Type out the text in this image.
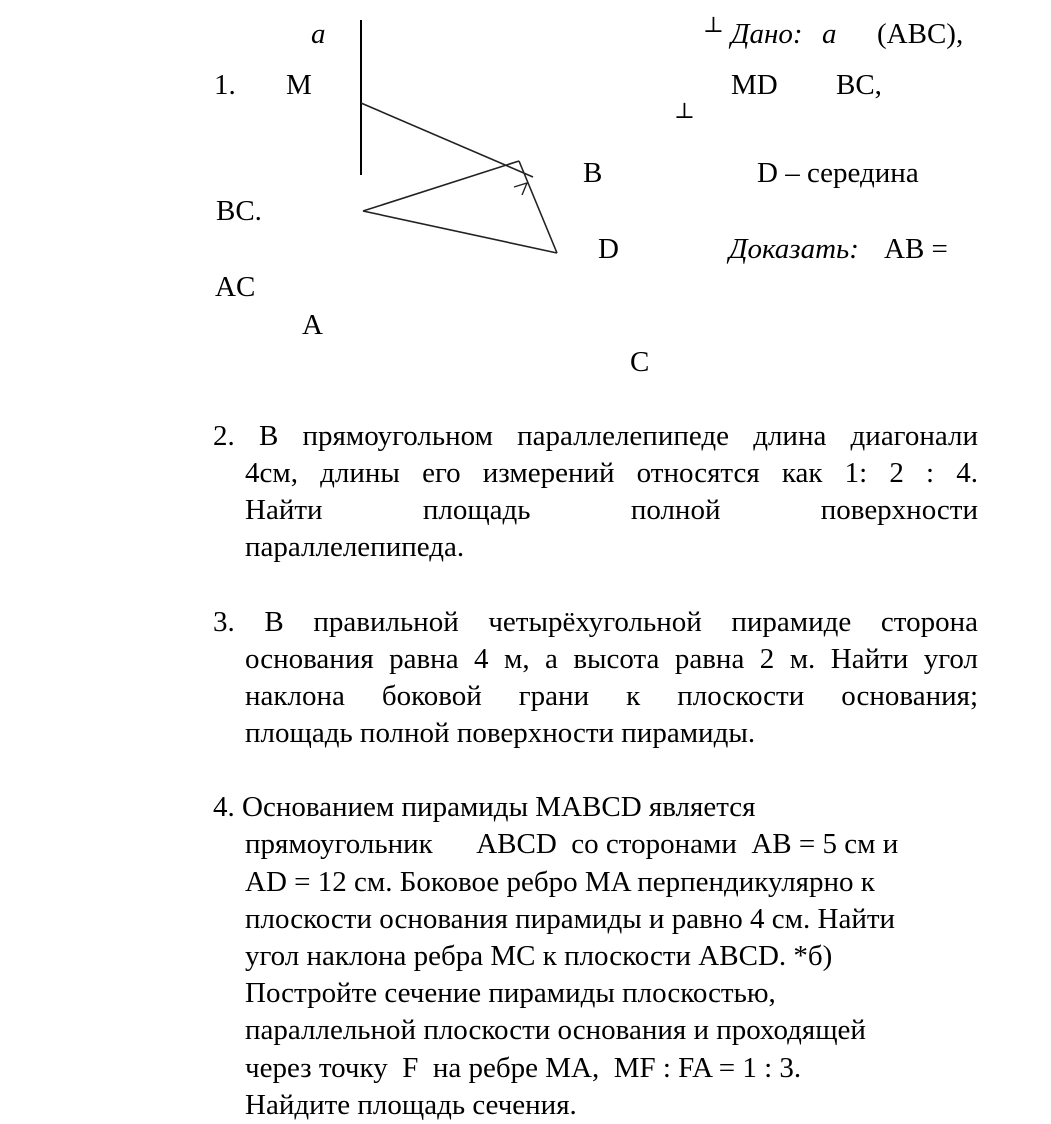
a
1. M
B
D
A
C
⊥ Дано: a (ABC),
MD BC,
⊥
D – середина
BC.
Доказать: AB =
AC
2. В прямоугольном параллелепипеде длина диагонали
4см, длины его измерений относятся как 1: 2 : 4.
Найти площадь полной поверхности
параллелепипеда.
3. В правильной четырёхугольной пирамиде сторона
основания равна 4 м, а высота равна 2 м. Найти угол
наклона боковой грани к плоскости основания;
площадь полной поверхности пирамиды.
4. Основанием пирамиды MABCD является
прямоугольник      ABCD  со сторонами  AB = 5 см и
AD = 12 см. Боковое ребро MA перпендикулярно к
плоскости основания пирамиды и равно 4 см. Найти
угол наклона ребра MC к плоскости ABCD. *б)
Постройте сечение пирамиды плоскостью,
параллельной плоскости основания и проходящей
через точку  F  на ребре MA,  MF : FA = 1 : 3.
Найдите площадь сечения.
